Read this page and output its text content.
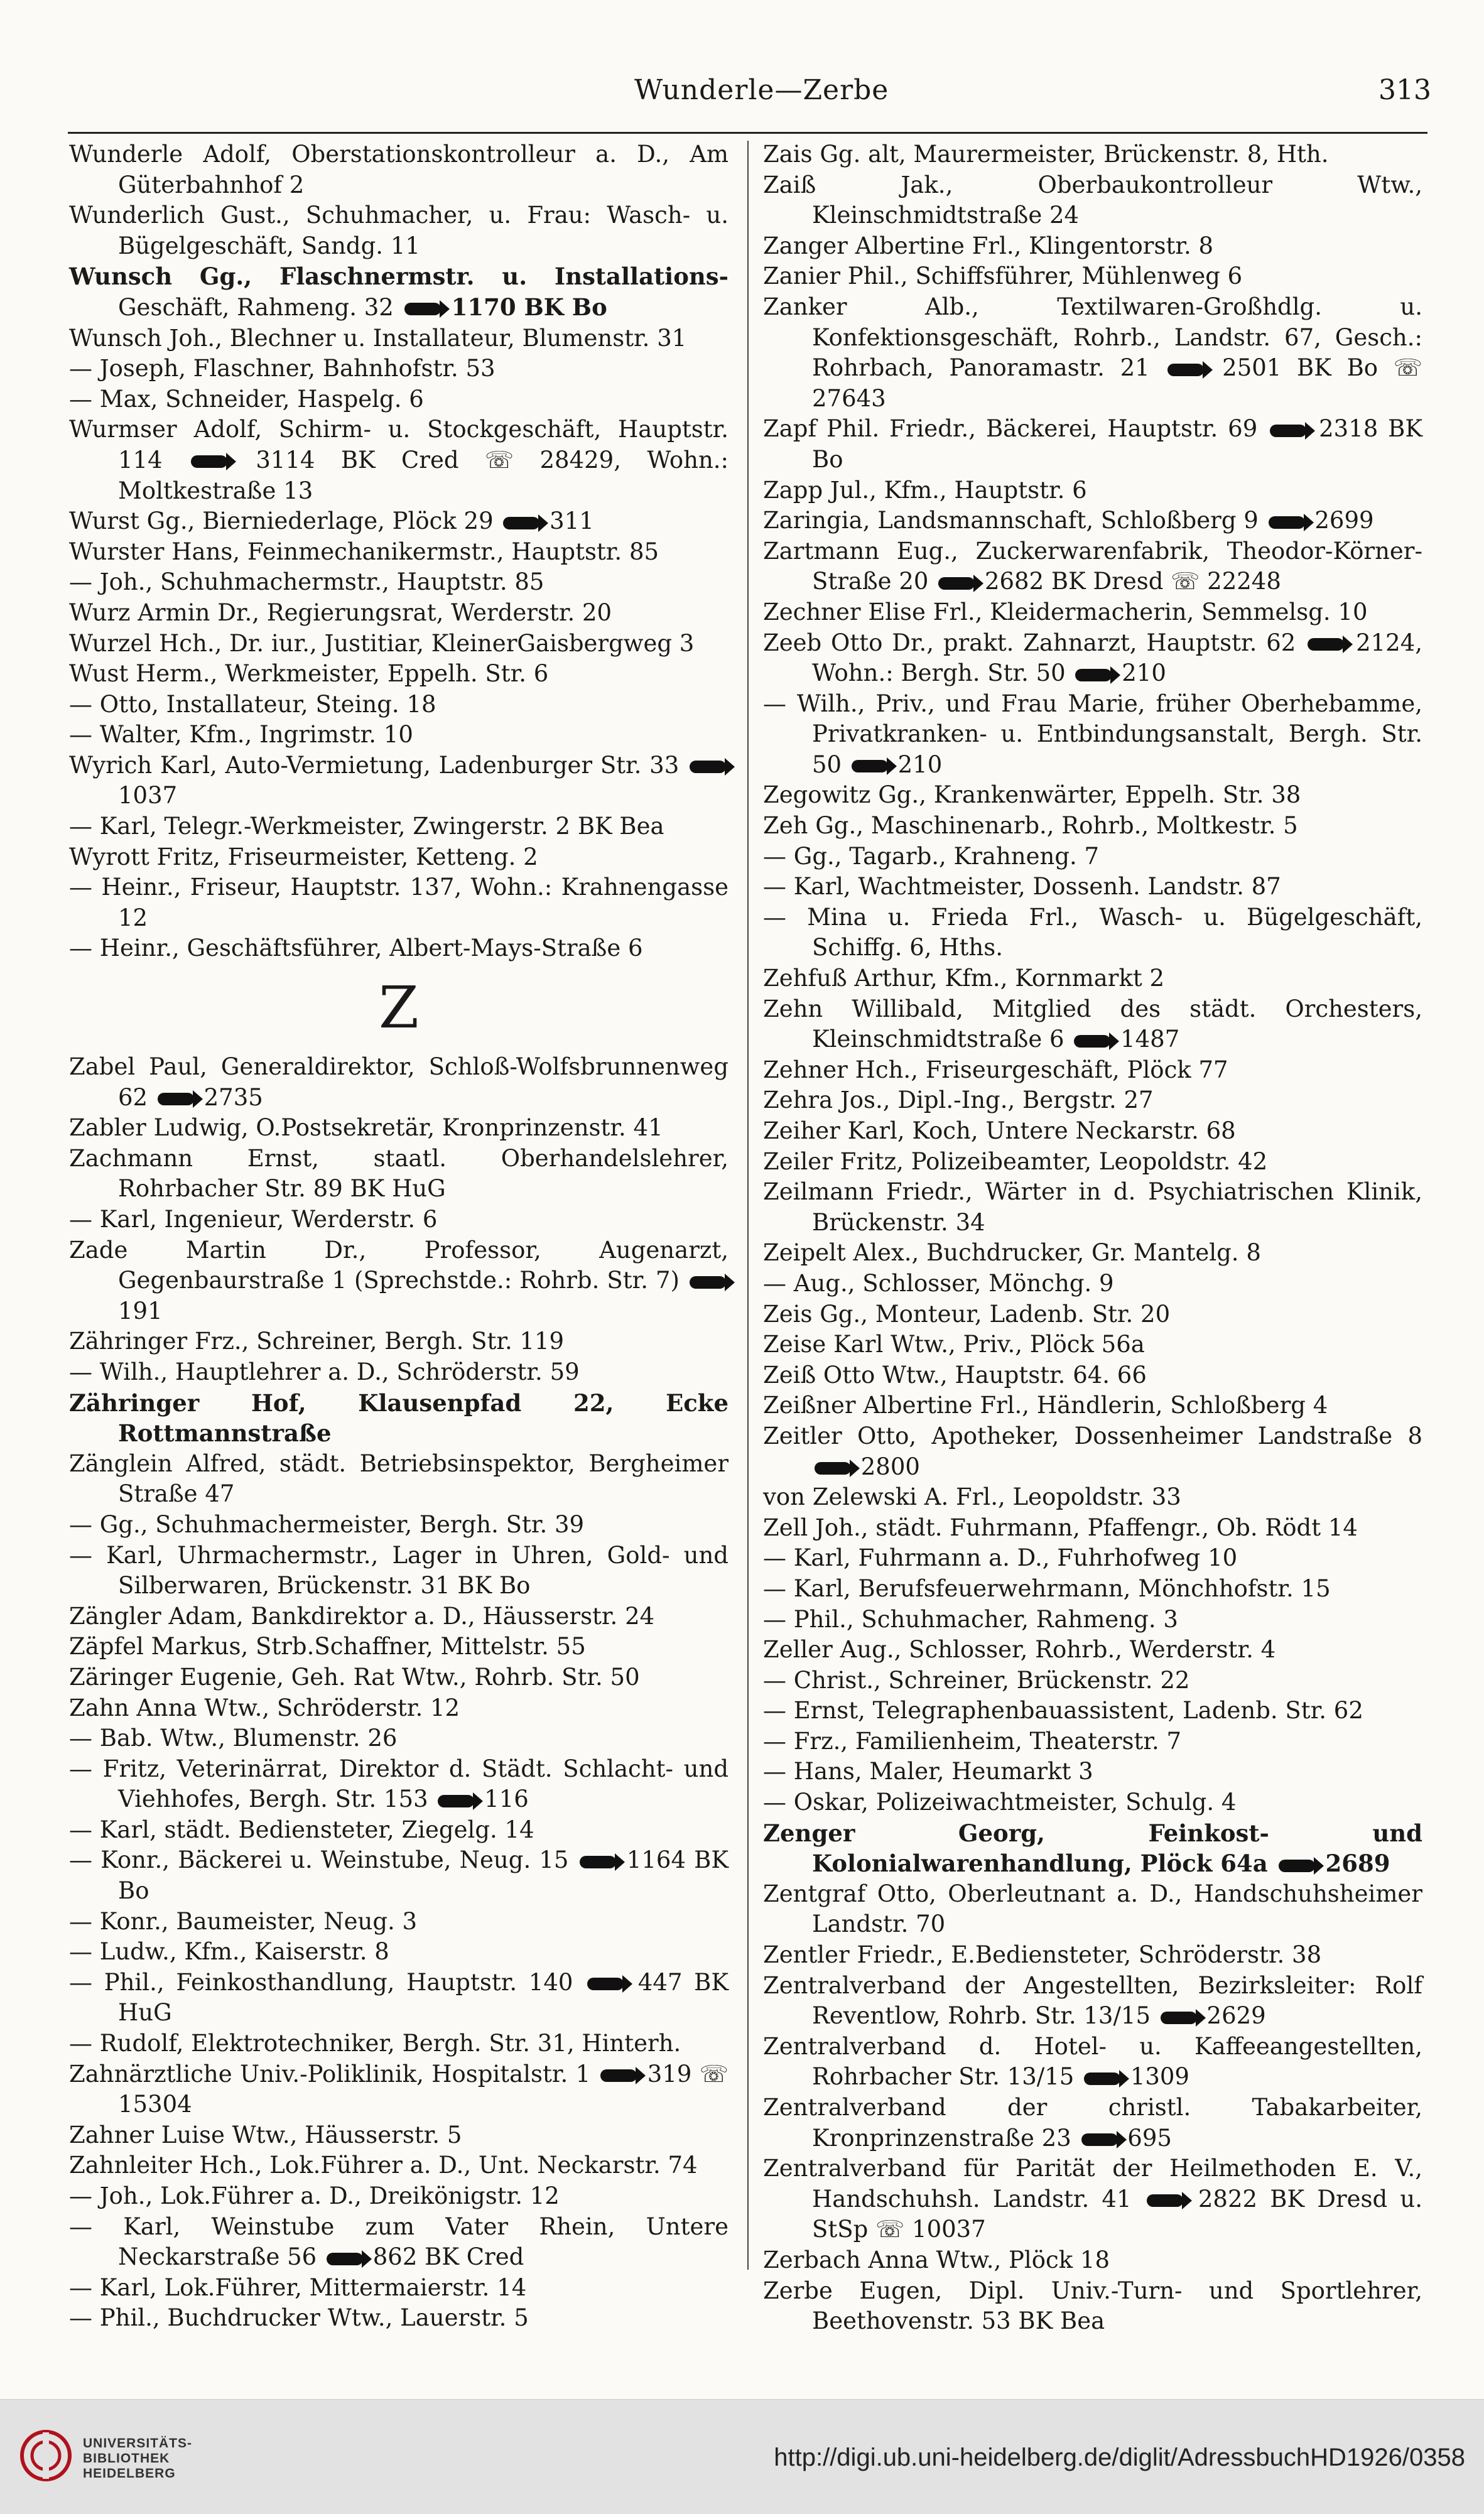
Wunderle—Zerbe	313
Wunderle Adolf, Oberstationskontrolleur a. D., Am Güterbahnhof 2
Wunderlich Gust., Schuhmacher, u. Frau: Wasch- u. Bügelgeschäft, Sandg. 11
Wunsch Gg., Flaschnermstr. u. Installations- Geschäft, Rahmeng. 32 1170 BK Bo
Wunsch Joh., Blechner u. Installateur, Blumenstr. 31
— Joseph, Flaschner, Bahnhofstr. 53
— Max, Schneider, Haspelg. 6
Wurmser Adolf, Schirm- u. Stockgeschäft, Hauptstr. 114	3114 BK Cred ☏ 28429, Wohn.: Moltkestraße 13
Wurst Gg., Bierniederlage, Plöck 29 311
Wurster Hans, Feinmechanikermstr., Hauptstr. 85
— Joh., Schuhmachermstr., Hauptstr. 85
Wurz Armin Dr., Regierungsrat, Werderstr. 20
Wurzel Hch., Dr. iur., Justitiar, KleinerGaisbergweg 3
Wust Herm., Werkmeister, Eppelh. Str. 6
— Otto, Installateur, Steing. 18
— Walter, Kfm., Ingrimstr. 10
Wyrich Karl, Auto-Vermietung, Ladenburger Str. 33  1037
— Karl, Telegr.-Werkmeister, Zwingerstr. 2 BK Bea
Wyrott Fritz, Friseurmeister, Ketteng. 2
— Heinr., Friseur, Hauptstr. 137, Wohn.: Krahnengasse 12
— Heinr., Geschäftsführer, Albert-Mays-Straße 6
Z
Zabel Paul, Generaldirektor, Schloß-Wolfsbrunnenweg 62 2735
Zabler Ludwig, O.Postsekretär, Kronprinzenstr. 41
Zachmann Ernst, staatl. Oberhandelslehrer, Rohrbacher Str. 89 BK HuG
— Karl, Ingenieur, Werderstr. 6
Zade Martin Dr., Professor, Augenarzt, Gegenbaurstraße 1 (Sprechstde.: Rohrb. Str. 7)  191
Zähringer Frz., Schreiner, Bergh. Str. 119
— Wilh., Hauptlehrer a. D., Schröderstr. 59
Zähringer Hof, Klausenpfad 22, Ecke Rottmannstraße
Zänglein Alfred, städt. Betriebsinspektor, Bergheimer Straße 47
— Gg., Schuhmachermeister, Bergh. Str. 39
— Karl, Uhrmachermstr., Lager in Uhren, Gold- und Silberwaren, Brückenstr. 31 BK Bo
Zängler Adam, Bankdirektor a. D., Häusserstr. 24
Zäpfel Markus, Strb.Schaffner, Mittelstr. 55
Zäringer Eugenie, Geh. Rat Wtw., Rohrb. Str. 50
Zahn Anna Wtw., Schröderstr. 12
— Bab. Wtw., Blumenstr. 26
— Fritz, Veterinärrat, Direktor d. Städt. Schlacht- und Viehhofes, Bergh. Str. 153 116
— Karl, städt. Bediensteter, Ziegelg. 14
— Konr., Bäckerei u. Weinstube, Neug. 15 1164 BK Bo
— Konr., Baumeister, Neug. 3
— Ludw., Kfm., Kaiserstr. 8
— Phil., Feinkosthandlung, Hauptstr. 140	447 BK HuG
— Rudolf, Elektrotechniker, Bergh. Str. 31, Hinterh.
Zahnärztliche Univ.-Poliklinik, Hospitalstr. 1 319 ☏ 15304
Zahner Luise Wtw., Häusserstr. 5
Zahnleiter Hch., Lok.Führer a. D., Unt. Neckarstr. 74
— Joh., Lok.Führer a. D., Dreikönigstr. 12
— Karl, Weinstube zum Vater Rhein, Untere Neckarstraße 56 862 BK Cred
— Karl, Lok.Führer, Mittermaierstr. 14
— Phil., Buchdrucker Wtw., Lauerstr. 5
Zais Gg. alt, Maurermeister, Brückenstr. 8, Hth.
Zaiß Jak., Oberbaukontrolleur Wtw., Kleinschmidtstraße 24
Zanger Albertine Frl., Klingentorstr. 8
Zanier Phil., Schiffsführer, Mühlenweg 6
Zanker Alb., Textilwaren-Großhdlg. u. Konfektionsgeschäft, Rohrb., Landstr. 67, Gesch.: Rohrbach, Panoramastr. 21	2501 BK Bo ☏ 27643
Zapf Phil. Friedr., Bäckerei, Hauptstr. 69	2318 BK Bo
Zapp Jul., Kfm., Hauptstr. 6
Zaringia, Landsmannschaft, Schloßberg 9 2699
Zartmann Eug., Zuckerwarenfabrik, Theodor-Körner-Straße 20 2682 BK Dresd ☏ 22248
Zechner Elise Frl., Kleidermacherin, Semmelsg. 10
Zeeb Otto Dr., prakt. Zahnarzt, Hauptstr. 62	2124, Wohn.: Bergh. Str. 50 210
— Wilh., Priv., und Frau Marie, früher Oberhebamme, Privatkranken- u. Entbindungsanstalt, Bergh. Str. 50 210
Zegowitz Gg., Krankenwärter, Eppelh. Str. 38
Zeh Gg., Maschinenarb., Rohrb., Moltkestr. 5
— Gg., Tagarb., Krahneng. 7
— Karl, Wachtmeister, Dossenh. Landstr. 87
— Mina u. Frieda Frl., Wasch- u. Bügelgeschäft, Schiffg. 6, Hths.
Zehfuß Arthur, Kfm., Kornmarkt 2
Zehn Willibald, Mitglied des städt. Orchesters, Kleinschmidtstraße 6 1487
Zehner Hch., Friseurgeschäft, Plöck 77
Zehra Jos., Dipl.-Ing., Bergstr. 27
Zeiher Karl, Koch, Untere Neckarstr. 68
Zeiler Fritz, Polizeibeamter, Leopoldstr. 42
Zeilmann Friedr., Wärter in d. Psychiatrischen Klinik, Brückenstr. 34
Zeipelt Alex., Buchdrucker, Gr. Mantelg. 8
— Aug., Schlosser, Mönchg. 9
Zeis Gg., Monteur, Ladenb. Str. 20
Zeise Karl Wtw., Priv., Plöck 56a
Zeiß Otto Wtw., Hauptstr. 64. 66
Zeißner Albertine Frl., Händlerin, Schloßberg 4
Zeitler Otto, Apotheker, Dossenheimer Landstraße 8  2800
von Zelewski A. Frl., Leopoldstr. 33
Zell Joh., städt. Fuhrmann, Pfaffengr., Ob. Rödt 14
— Karl, Fuhrmann a. D., Fuhrhofweg 10
— Karl, Berufsfeuerwehrmann, Mönchhofstr. 15
— Phil., Schuhmacher, Rahmeng. 3
Zeller Aug., Schlosser, Rohrb., Werderstr. 4
— Christ., Schreiner, Brückenstr. 22
— Ernst, Telegraphenbauassistent, Ladenb. Str. 62
— Frz., Familienheim, Theaterstr. 7
— Hans, Maler, Heumarkt 3
— Oskar, Polizeiwachtmeister, Schulg. 4
Zenger Georg, Feinkost- und Kolonialwarenhandlung, Plöck 64a 2689
Zentgraf Otto, Oberleutnant a. D., Handschuhsheimer Landstr. 70
Zentler Friedr., E.Bediensteter, Schröderstr. 38
Zentralverband der Angestellten, Bezirksleiter: Rolf Reventlow, Rohrb. Str. 13/15 2629
Zentralverband d. Hotel- u. Kaffeeangestellten, Rohrbacher Str. 13/15 1309
Zentralverband der christl. Tabakarbeiter, Kronprinzenstraße 23 695
Zentralverband für Parität der Heilmethoden E. V., Handschuhsh. Landstr. 41	2822 BK Dresd u. StSp ☏ 10037
Zerbach Anna Wtw., Plöck 18
Zerbe Eugen, Dipl. Univ.-Turn- und Sportlehrer, Beethovenstr. 53 BK Bea
UNIVERSITÄTS-
BIBLIOTHEK
HEIDELBERG
http://digi.ub.uni-heidelberg.de/diglit/AdressbuchHD1926/0358
